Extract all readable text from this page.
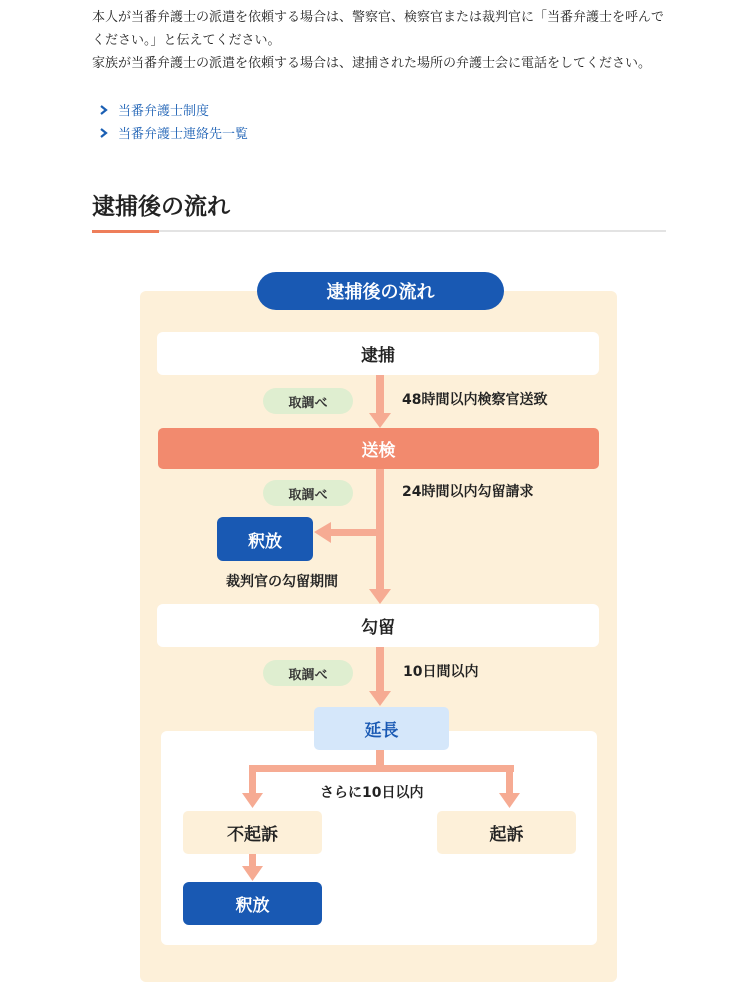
本人が当番弁護士の派遣を依頼する場合は、警察官、検察官または裁判官に「当番弁護士を呼んでください。」と伝えてください。

家族が当番弁護士の派遣を依頼する場合は、逮捕された場所の弁護士会に電話をしてください。

当番弁護士制度
当番弁護士連絡先一覧
逮捕後の流れ
逮捕後の流れ
逮捕
取調べ	48時間以内検察官送致
送検
取調べ	24時間以内勾留請求
釈放
裁判官の勾留期間
勾留
取調べ	10日間以内
延長
さらに10日以内
不起訴	起訴
釈放
